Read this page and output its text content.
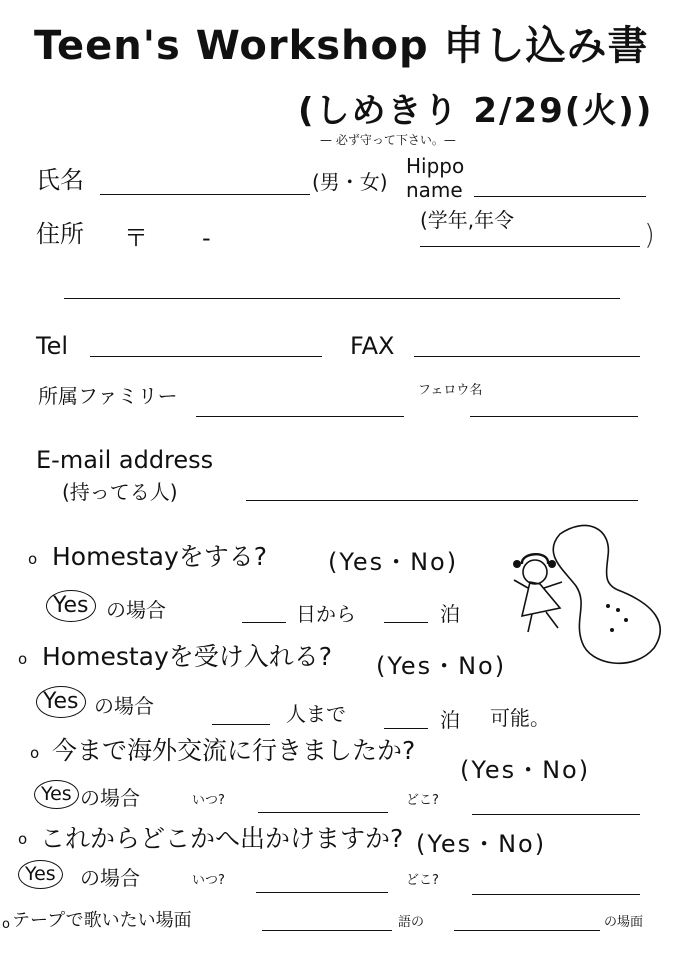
Teen's Workshop 申し込み書
(しめきり 2/29(火))
— 必ず守って下さい。—
氏名	(男・女)
Hippo
name
住所 〒 -
(学年,年令	)
Tel	FAX
所属ファミリー	フェロウ名
E-mail address
(持ってる人)
o Homestayをする?	(Yes・No)
Yes の場合	日から	泊
o Homestayを受け入れる? (Yes・No)
Yes の場合	人まで	泊 可能。
o 今まで海外交流に行きましたか?
(Yes・No)
Yes の場合	いつ?	どこ?
o これからどこかへ出かけますか? (Yes・No)
Yes	の場合	いつ?	どこ?
o テープで歌いたい場面	語の	の場面
